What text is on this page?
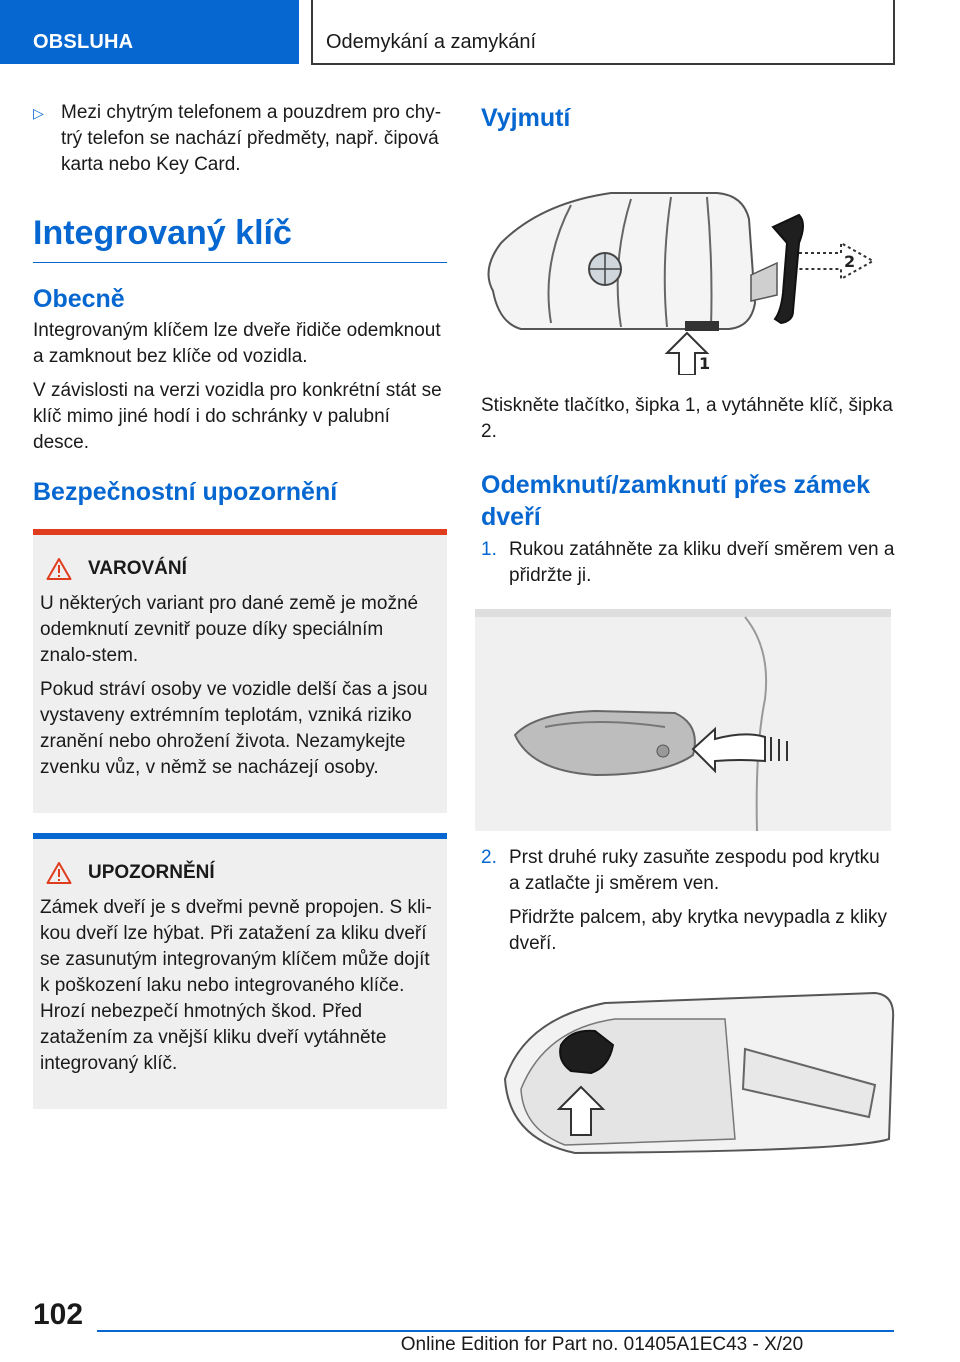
OBSLUHA	Odemykání a zamykání
▷ Mezi chytrým telefonem a pouzdrem pro chy-trý telefon se nachází předměty, např. čipová karta nebo Key Card.
Integrovaný klíč
Obecně

Integrovaným klíčem lze dveře řidiče odemknout a zamknout bez klíče od vozidla.

V závislosti na verzi vozidla pro konkrétní stát se klíč mimo jiné hodí i do schránky v palubní desce.

Bezpečnostní upozornění
VAROVÁNÍ

U některých variant pro dané země je možné odemknutí zevnitř pouze díky speciálním znalo-stem.

Pokud stráví osoby ve vozidle delší čas a jsou vystaveny extrémním teplotám, vzniká riziko zranění nebo ohrožení života. Nezamykejte zvenku vůz, v němž se nacházejí osoby.

UPOZORNĚNÍ

Zámek dveří je s dveřmi pevně propojen. S kli-kou dveří lze hýbat. Při zatažení za kliku dveří se zasunutým integrovaným klíčem může dojít k poškození laku nebo integrovaného klíče. Hrozí nebezpečí hmotných škod. Před zatažením za vnější kliku dveří vytáhněte integrovaný klíč.

Vyjmutí
2
1

Stiskněte tlačítko, šipka 1, a vytáhněte klíč, šipka 2.

Odemknutí/zamknutí přes zámek dveří
1. Rukou zatáhněte za kliku dveří směrem ven a přidržte ji.
2. Prst druhé ruky zasuňte zespodu pod krytku a zatlačte ji směrem ven.

Přidržte palcem, aby krytka nevypadla z kliky dveří.

102
Online Edition for Part no. 01405A1EC43 - X/20
